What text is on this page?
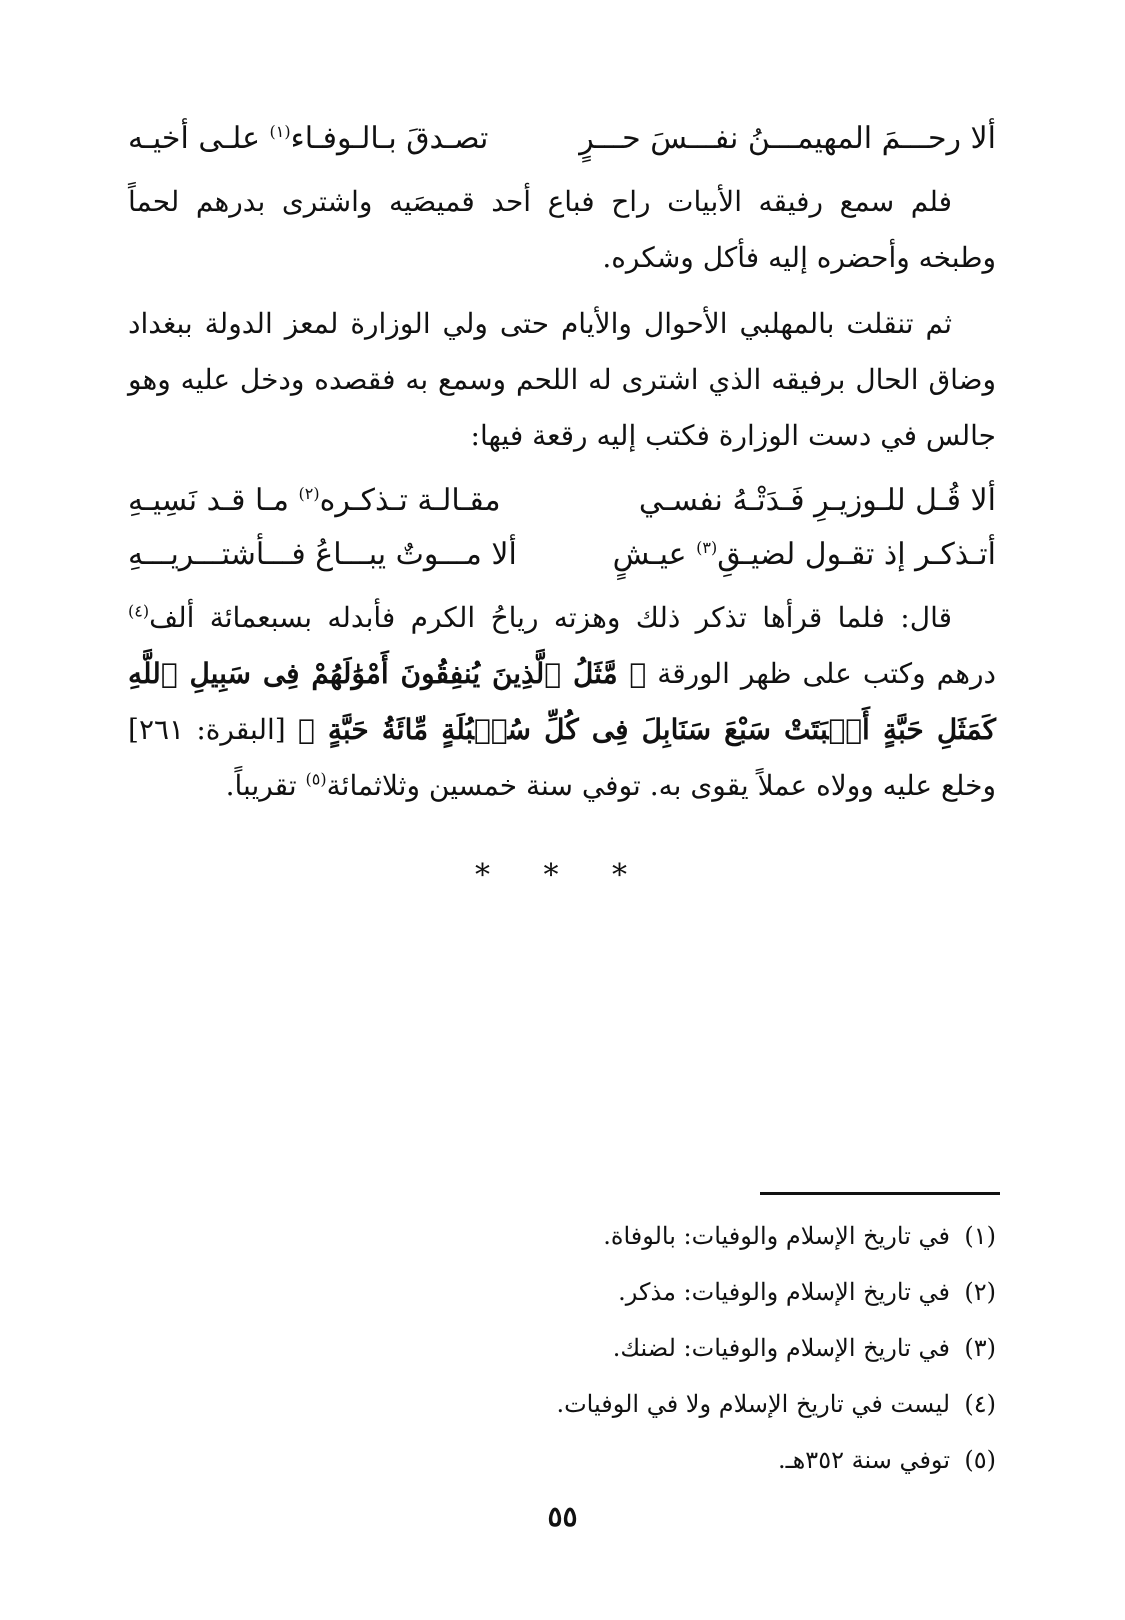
ألا رحـــمَ المهيمـــنُ نفـــسَ حـــرٍ
تصـدقَ بـالـوفـاء$^{(١)}$ علـى أخيـه

فلم سمع رفيقه الأبيات راح فباع أحد قميصَيه واشترى بدرهم لحماً وطبخه وأحضره إليه فأكل وشكره.

ثم تنقلت بالمهلبي الأحوال والأيام حتى ولي الوزارة لمعز الدولة ببغداد وضاق الحال برفيقه الذي اشترى له اللحم وسمع به فقصده ودخل عليه وهو جالس في دست الوزارة فكتب إليه رقعة فيها:

ألا قُـل للـوزيـرِ فَـدَتْـهُ نفسـي
مقـالـة تـذكـره$^{(٢)}$ مـا قـد نَسِيـهِ
أتـذكـر إذ تقـول لضيـقِ$^{(٣)}$ عيـشٍ
ألا مـــوتٌ يبـــاعُ فـــأشتـــريـــهِ

قال: فلما قرأها تذكر ذلك وهزته رياحُ الكرم فأبدله بسبعمائة ألف$^{(٤)}$ درهم وكتب على ظهر الورقة ﴿ مَّثَلُ ٱلَّذِينَ يُنفِقُونَ أَمْوَٰلَهُمْ فِى سَبِيلِ ٱللَّهِ كَمَثَلِ حَبَّةٍ أَنۢبَتَتْ سَبْعَ سَنَابِلَ فِى كُلِّ سُنۢبُلَةٍ مِّائَةُ حَبَّةٍ ﴾ [البقرة: ٢٦١] وخلع عليه وولاه عملاً يقوى به. توفي سنة خمسين وثلاثمائة$^{(٥)}$ تقريباً.

* * *
(١)
في تاريخ الإسلام والوفيات: بالوفاة.
(٢)
في تاريخ الإسلام والوفيات: مذكر.
(٣)
في تاريخ الإسلام والوفيات: لضنك.
(٤)
ليست في تاريخ الإسلام ولا في الوفيات.
(٥)
توفي سنة ٣٥٢هـ.
٥٥
